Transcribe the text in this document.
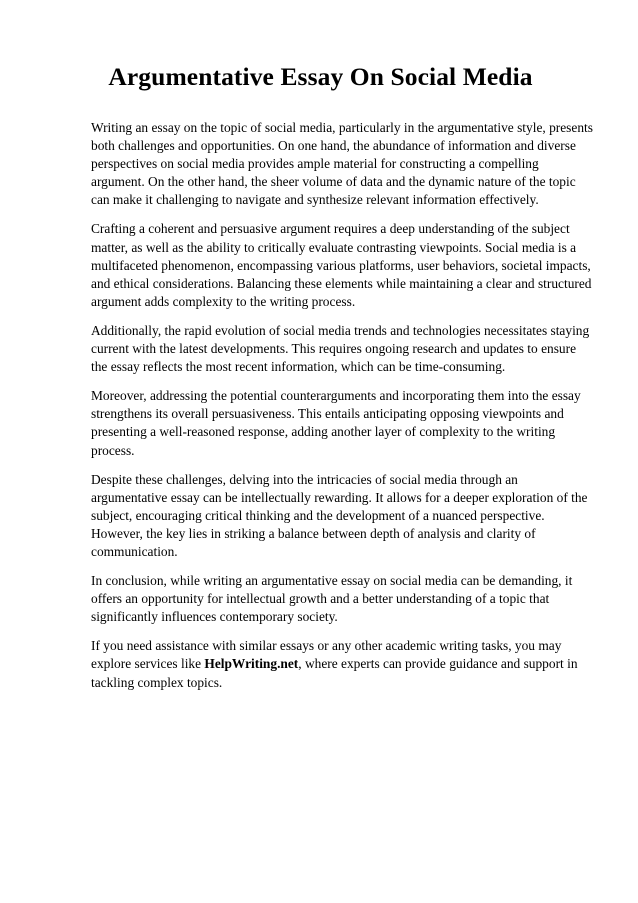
Argumentative Essay On Social Media

Writing an essay on the topic of social media, particularly in the argumentative style, presents both challenges and opportunities. On one hand, the abundance of information and diverse perspectives on social media provides ample material for constructing a compelling argument. On the other hand, the sheer volume of data and the dynamic nature of the topic can make it challenging to navigate and synthesize relevant information effectively.

Crafting a coherent and persuasive argument requires a deep understanding of the subject matter, as well as the ability to critically evaluate contrasting viewpoints. Social media is a multifaceted phenomenon, encompassing various platforms, user behaviors, societal impacts, and ethical considerations. Balancing these elements while maintaining a clear and structured argument adds complexity to the writing process.

Additionally, the rapid evolution of social media trends and technologies necessitates staying current with the latest developments. This requires ongoing research and updates to ensure the essay reflects the most recent information, which can be time-consuming.

Moreover, addressing the potential counterarguments and incorporating them into the essay strengthens its overall persuasiveness. This entails anticipating opposing viewpoints and presenting a well-reasoned response, adding another layer of complexity to the writing process.

Despite these challenges, delving into the intricacies of social media through an argumentative essay can be intellectually rewarding. It allows for a deeper exploration of the subject, encouraging critical thinking and the development of a nuanced perspective. However, the key lies in striking a balance between depth of analysis and clarity of communication.

In conclusion, while writing an argumentative essay on social media can be demanding, it offers an opportunity for intellectual growth and a better understanding of a topic that significantly influences contemporary society.

If you need assistance with similar essays or any other academic writing tasks, you may explore services like HelpWriting.net, where experts can provide guidance and support in tackling complex topics.
